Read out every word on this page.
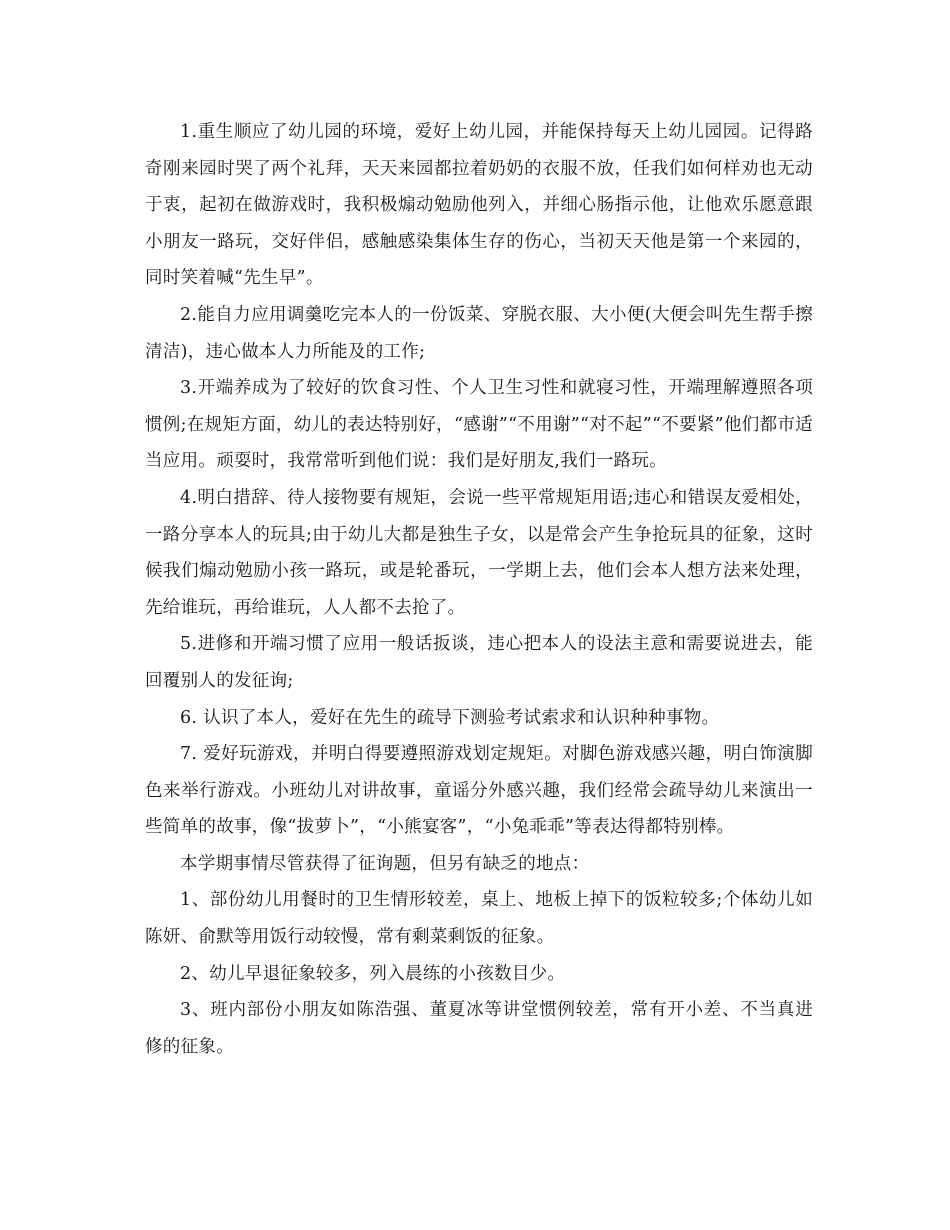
1.重生顺应了幼儿园的环境，爱好上幼儿园，并能保持每天上幼儿园园。记得路奇刚来园时哭了两个礼拜，天天来园都拉着奶奶的衣服不放，任我们如何样劝也无动于衷，起初在做游戏时，我积极煽动勉励他列入，并细心肠指示他，让他欢乐愿意跟小朋友一路玩，交好伴侣，感触感染集体生存的伤心，当初天天他是第一个来园的，同时笑着喊“先生早”。

2.能自力应用调羹吃完本人的一份饭菜、穿脱衣服、大小便(大便会叫先生帮手擦清洁)，违心做本人力所能及的工作;

3.开端养成为了较好的饮食习性、个人卫生习性和就寝习性，开端理解遵照各项惯例;在规矩方面，幼儿的表达特别好，“感谢”“不用谢”“对不起”“不要紧”他们都市适当应用。顽耍时，我常常听到他们说：我们是好朋友,我们一路玩。

4.明白措辞、待人接物要有规矩，会说一些平常规矩用语;违心和错误友爱相处，一路分享本人的玩具;由于幼儿大都是独生子女，以是常会产生争抢玩具的征象，这时候我们煽动勉励小孩一路玩，或是轮番玩，一学期上去，他们会本人想方法来处理，先给谁玩，再给谁玩，人人都不去抢了。

5.进修和开端习惯了应用一般话扳谈，违心把本人的设法主意和需要说进去，能回覆别人的发征询;

6. 认识了本人，爱好在先生的疏导下测验考试索求和认识种种事物。

7. 爱好玩游戏，并明白得要遵照游戏划定规矩。对脚色游戏感兴趣，明白饰演脚色来举行游戏。小班幼儿对讲故事，童谣分外感兴趣，我们经常会疏导幼儿来演出一些简单的故事，像“拔萝卜”，“小熊宴客”，“小兔乖乖”等表达得都特别棒。

本学期事情尽管获得了征询题，但另有缺乏的地点：

1、部份幼儿用餐时的卫生情形较差，桌上、地板上掉下的饭粒较多;个体幼儿如陈妍、俞默等用饭行动较慢，常有剩菜剩饭的征象。

2、幼儿早退征象较多，列入晨练的小孩数目少。

3、班内部份小朋友如陈浩强、董夏冰等讲堂惯例较差，常有开小差、不当真进修的征象。
